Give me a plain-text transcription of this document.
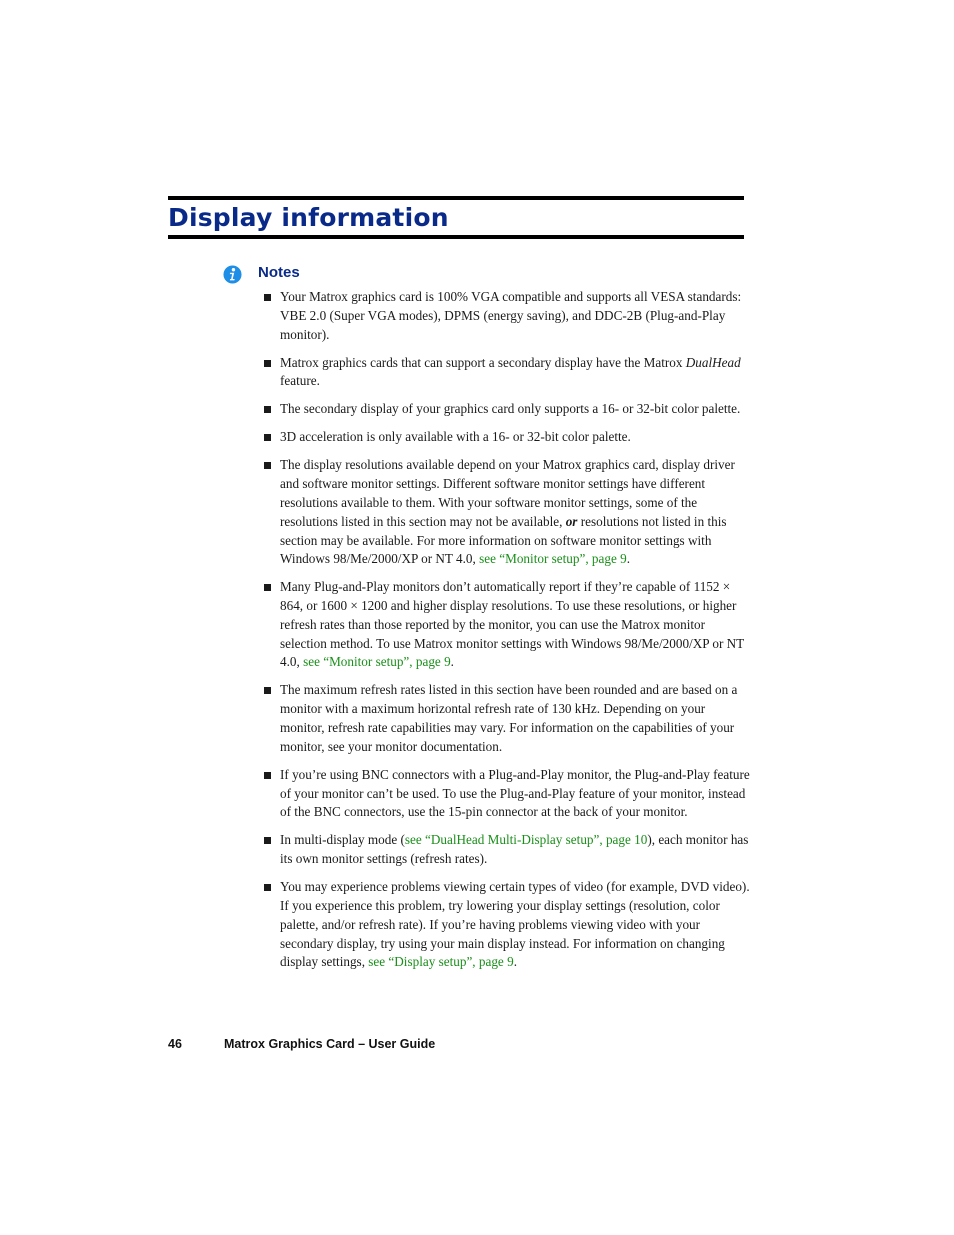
Display information
Notes
Your Matrox graphics card is 100% VGA compatible and supports all VESA standards: VBE 2.0 (Super VGA modes), DPMS (energy saving), and DDC-2B (Plug-and-Play monitor).
Matrox graphics cards that can support a secondary display have the Matrox DualHead feature.
The secondary display of your graphics card only supports a 16- or 32-bit color palette.
3D acceleration is only available with a 16- or 32-bit color palette.
The display resolutions available depend on your Matrox graphics card, display driver and software monitor settings. Different software monitor settings have different resolutions available to them. With your software monitor settings, some of the resolutions listed in this section may not be available, or resolutions not listed in this section may be available. For more information on software monitor settings with Windows 98/Me/2000/XP or NT 4.0, see “Monitor setup”, page 9.
Many Plug-and-Play monitors don’t automatically report if they’re capable of 1152 × 864, or 1600 × 1200 and higher display resolutions. To use these resolutions, or higher refresh rates than those reported by the monitor, you can use the Matrox monitor selection method. To use Matrox monitor settings with Windows 98/Me/2000/XP or NT 4.0, see “Monitor setup”, page 9.
The maximum refresh rates listed in this section have been rounded and are based on a monitor with a maximum horizontal refresh rate of 130 kHz. Depending on your monitor, refresh rate capabilities may vary. For information on the capabilities of your monitor, see your monitor documentation.
If you’re using BNC connectors with a Plug-and-Play monitor, the Plug-and-Play feature of your monitor can’t be used. To use the Plug-and-Play feature of your monitor, instead of the BNC connectors, use the 15-pin connector at the back of your monitor.
In multi-display mode (see “DualHead Multi-Display setup”, page 10), each monitor has its own monitor settings (refresh rates).
You may experience problems viewing certain types of video (for example, DVD video). If you experience this problem, try lowering your display settings (resolution, color palette, and/or refresh rate). If you’re having problems viewing video with your secondary display, try using your main display instead. For information on changing display settings, see “Display setup”, page 9.
46	Matrox Graphics Card – User Guide
